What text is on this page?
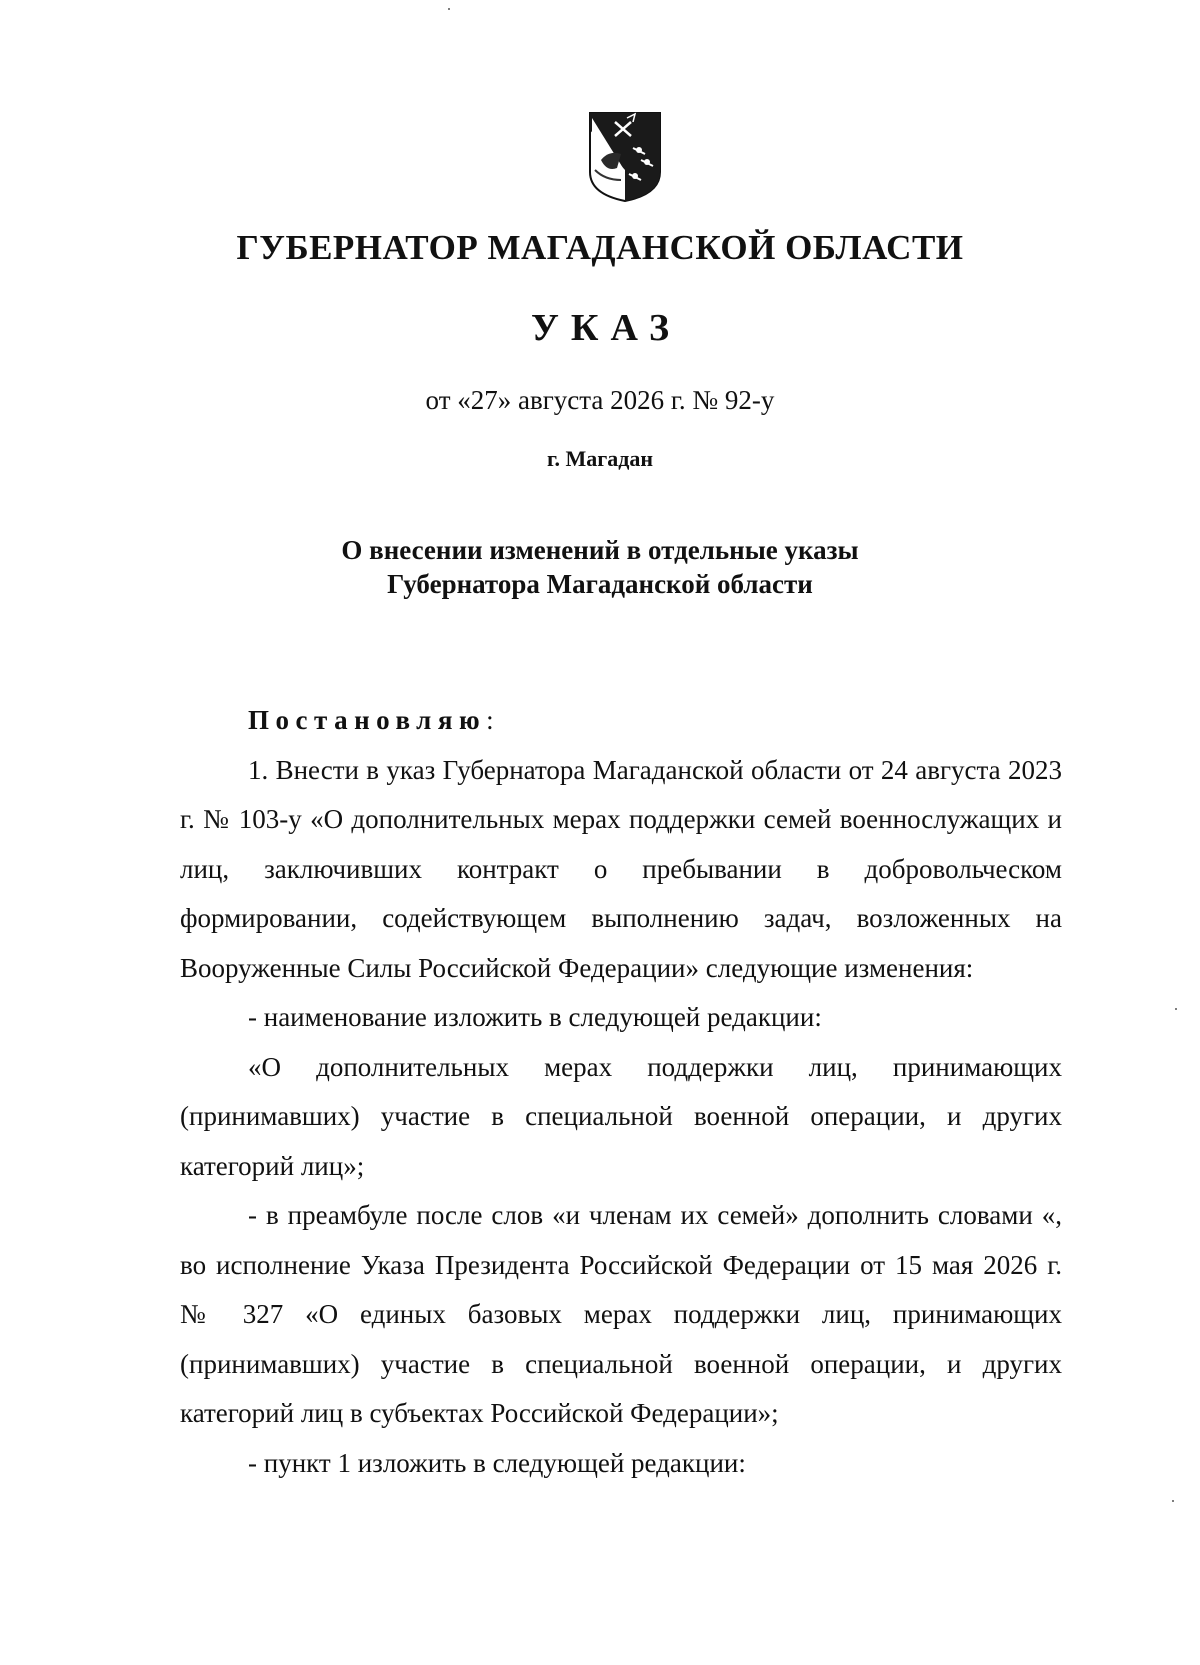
ГУБЕРНАТОР МАГАДАНСКОЙ ОБЛАСТИ
УКАЗ
от «27» августа 2026 г. № 92-у
г. Магадан
О внесении изменений в отдельные указы
Губернатора Магаданской области
Постановляю:

1. Внести в указ Губернатора Магаданской области от 24 августа 2023 г. № 103-у «О дополнительных мерах поддержки семей военнослужащих и лиц, заключивших контракт о пребывании в добровольческом формировании, содействующем выполнению задач, возложенных на Вооруженные Силы Российской Федерации» следующие изменения:

- наименование изложить в следующей редакции:

«О дополнительных мерах поддержки лиц, принимающих (принимавших) участие в специальной военной операции, и других категорий лиц»;

- в преамбуле после слов «и членам их семей» дополнить словами «, во исполнение Указа Президента Российской Федерации от 15 мая 2026 г. № 327 «О единых базовых мерах поддержки лиц, принимающих (принимавших) участие в специальной военной операции, и других категорий лиц в субъектах Российской Федерации»;

- пункт 1 изложить в следующей редакции:
